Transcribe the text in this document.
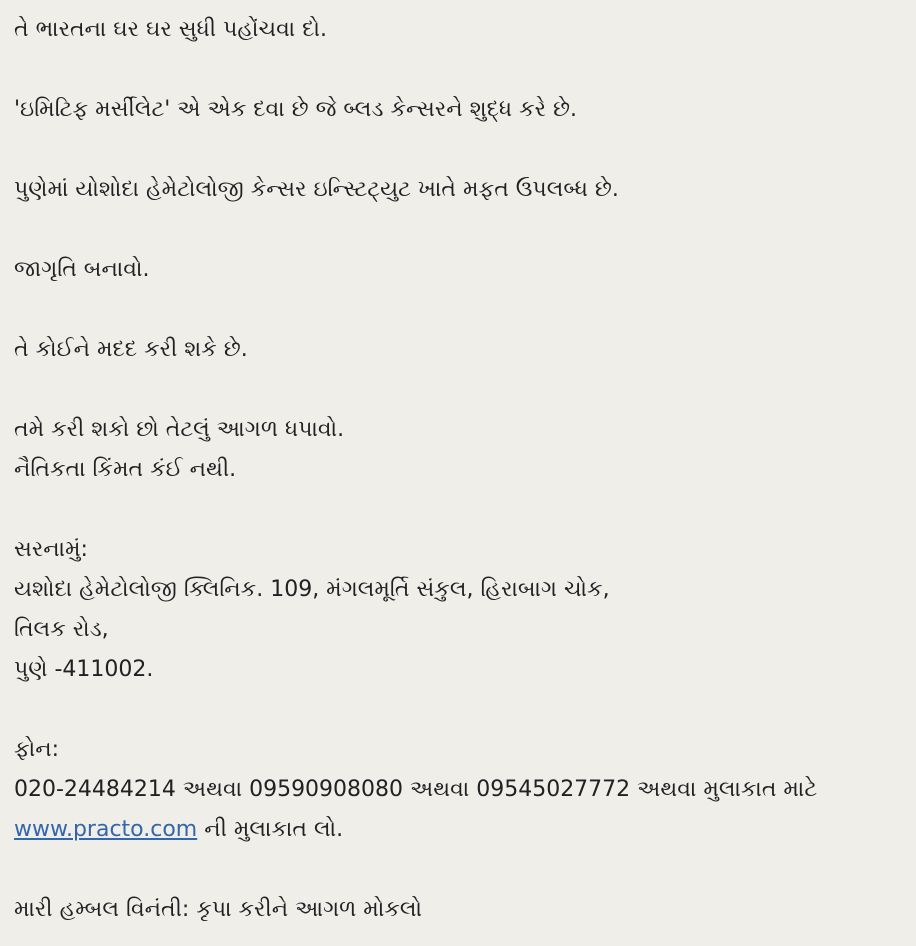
તે ભારતના ઘર ઘર સુધી પહોંચવા દો.
'ઇમિટિફ મર્સીલેટ' એ એક દવા છે જે બ્લડ કેન્સરને શુદ્ધ કરે છે.
પુણેમાં યોશોદા હેમેટોલોજી કેન્સર ઇન્સ્ટિટ્યુટ ખાતે મફત ઉપલબ્ધ છે.
જાગૃતિ બનાવો.
તે કોઈને મદદ કરી શકે છે.
તમે કરી શકો છો તેટલું આગળ ધપાવો.
નૈતિકતા કિંમત કંઈ નથી.
સરનામું:
યશોદા હેમેટોલોજી ક્લિનિક. 109, મંગલમૂર્તિ સંકુલ, હિરાબાગ ચોક,
તિલક રોડ,
પુણે -411002.
ફોન:
020-24484214 અથવા 09590908080 અથવા 09545027772 અથવા મુલાકાત માટે
www.practo.com ની મુલાકાત લો.
મારી હમ્બલ વિનંતી: કૃપા કરીને આગળ મોકલો
